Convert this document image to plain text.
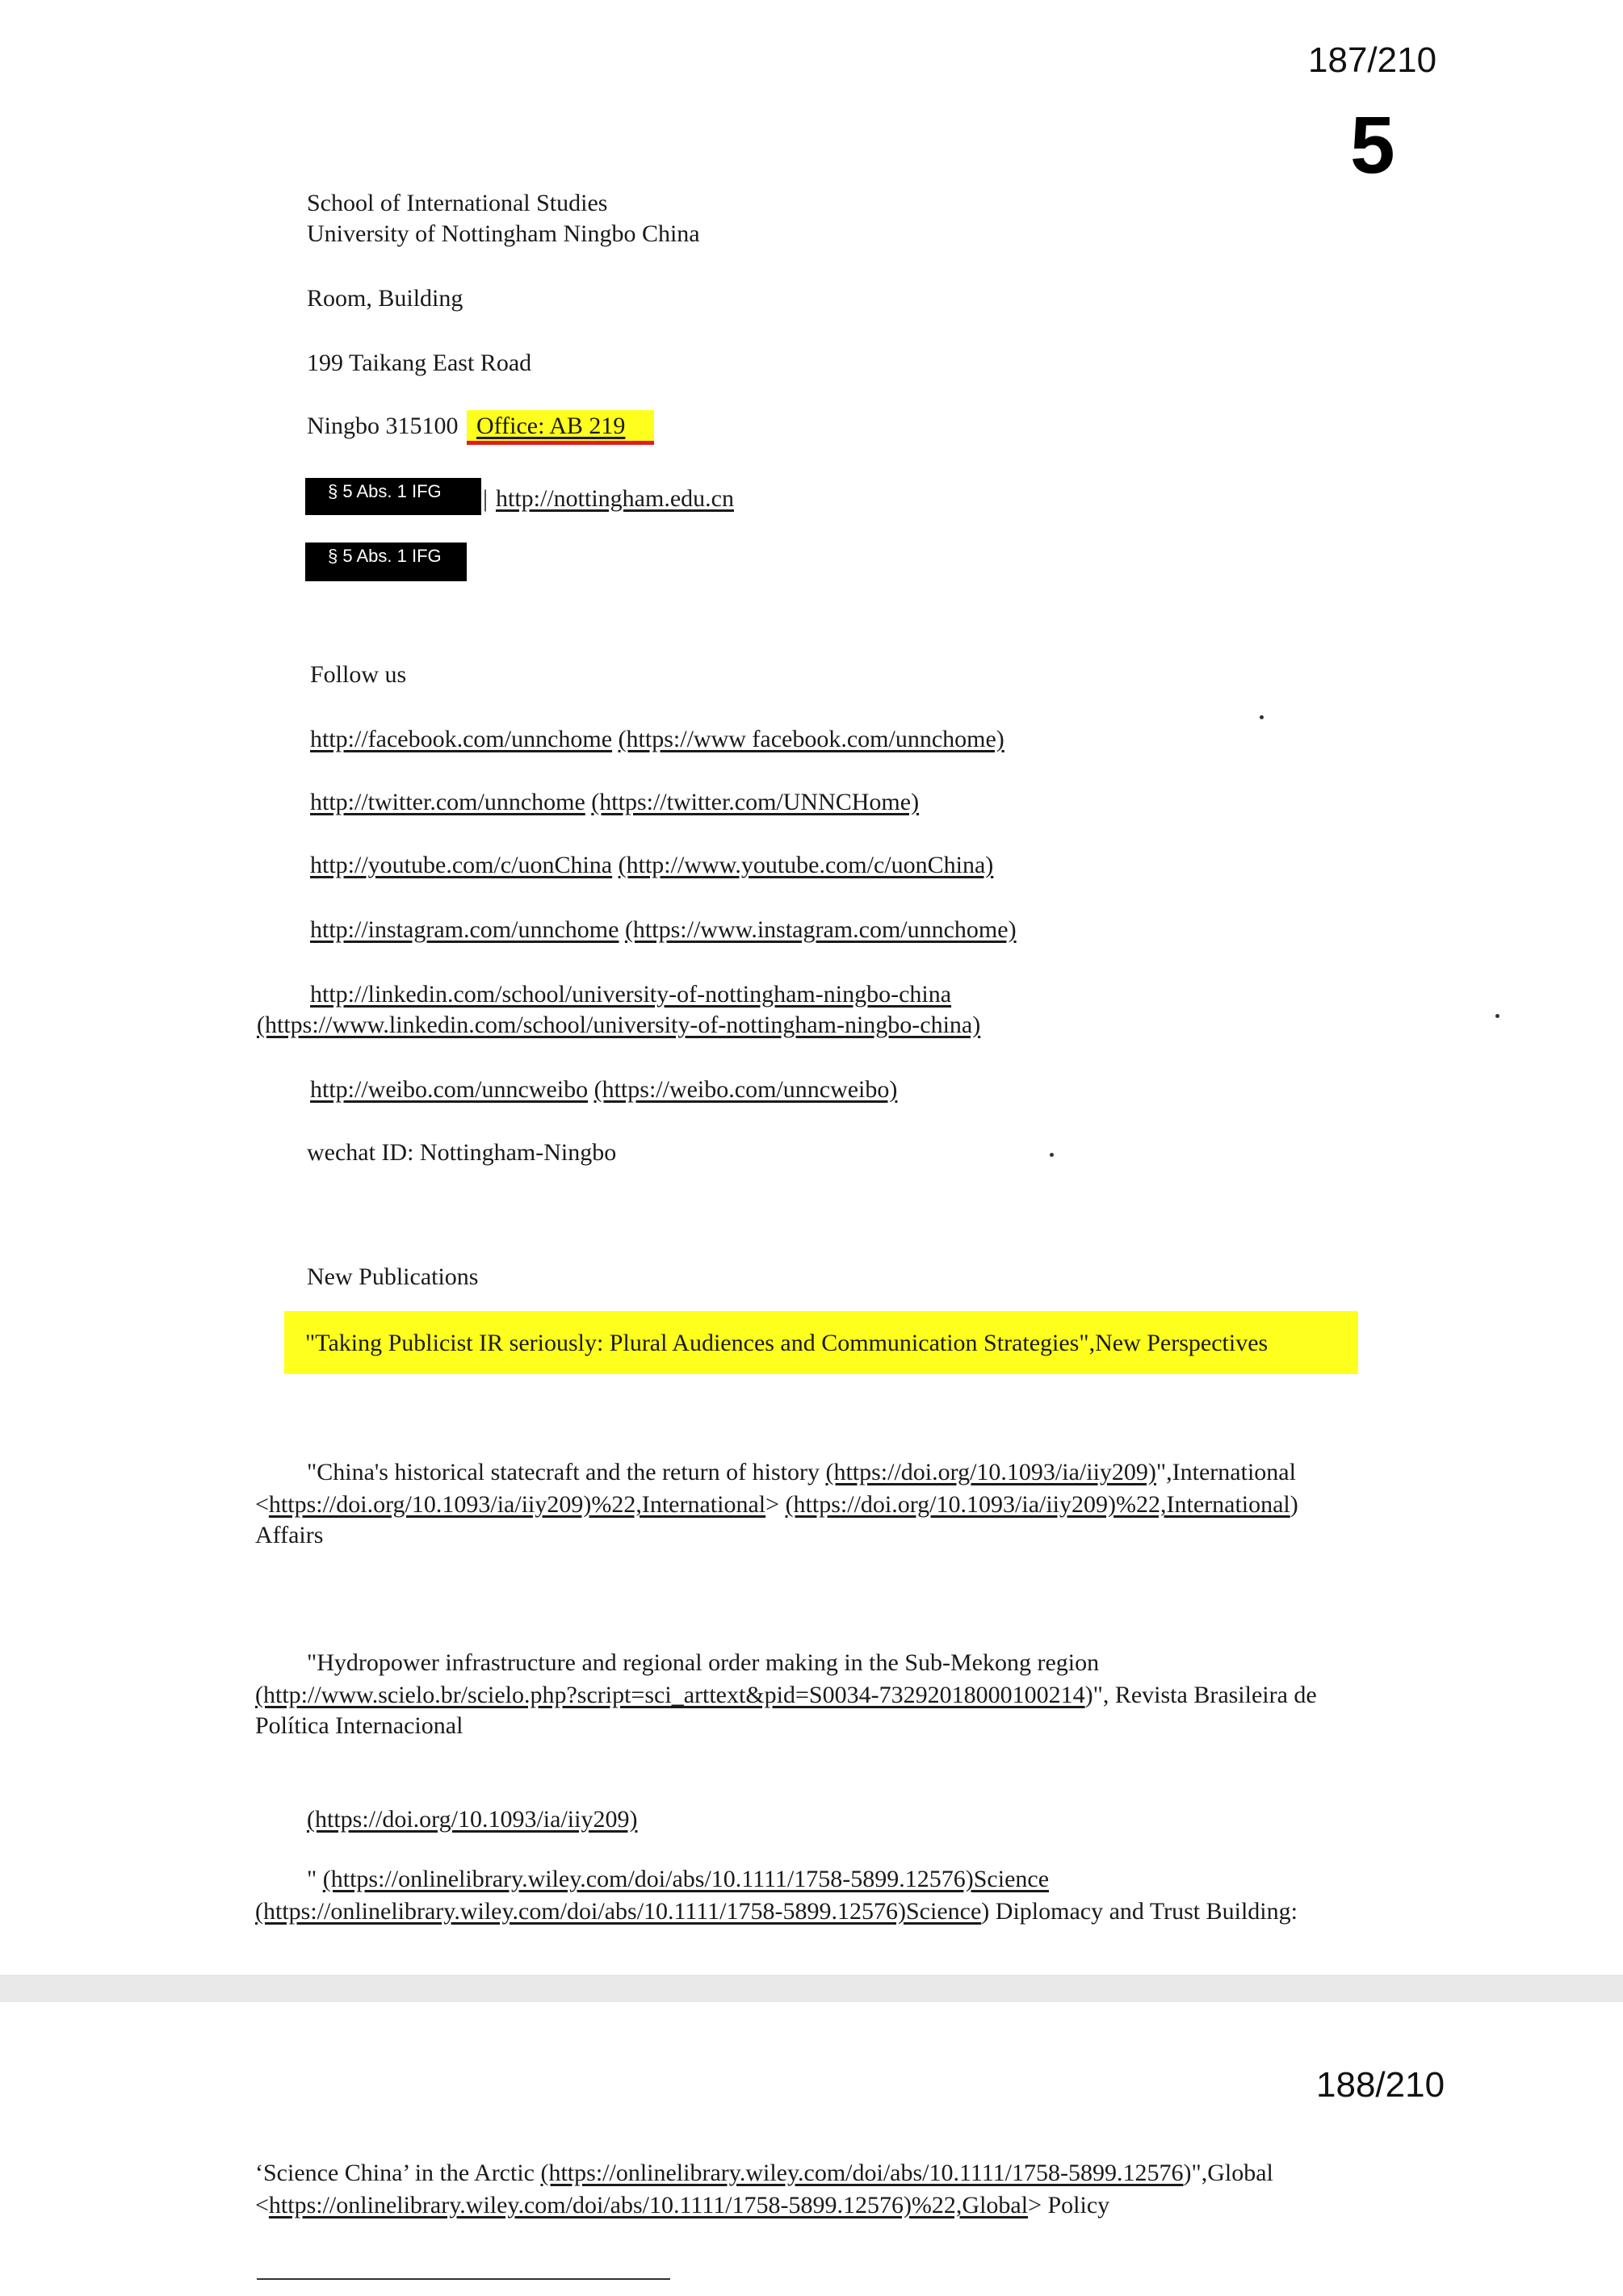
187/210
5
School of International Studies
University of Nottingham Ningbo China
Room, Building
199 Taikang East Road
Ningbo 315100 Office: AB 219
§ 5 Abs. 1 IFG	| http://nottingham.edu.cn
§ 5 Abs. 1 IFG
Follow us
http://facebook.com/unnchome (https://www facebook.com/unnchome)
http://twitter.com/unnchome (https://twitter.com/UNNCHome)
http://youtube.com/c/uonChina (http://www.youtube.com/c/uonChina)
http://instagram.com/unnchome (https://www.instagram.com/unnchome)
http://linkedin.com/school/university-of-nottingham-ningbo-china
(https://www.linkedin.com/school/university-of-nottingham-ningbo-china)
http://weibo.com/unncweibo (https://weibo.com/unncweibo)
wechat ID: Nottingham-Ningbo
New Publications
"Taking Publicist IR seriously: Plural Audiences and Communication Strategies",New Perspectives
"China's historical statecraft and the return of history (https://doi.org/10.1093/ia/iiy209)",International
<https://doi.org/10.1093/ia/iiy209)%22,International> (https://doi.org/10.1093/ia/iiy209)%22,International)
Affairs
"Hydropower infrastructure and regional order making in the Sub-Mekong region
(http://www.scielo.br/scielo.php?script=sci_arttext&pid=S0034-73292018000100214)", Revista Brasileira de
Política Internacional
(https://doi.org/10.1093/ia/iiy209)
" (https://onlinelibrary.wiley.com/doi/abs/10.1111/1758-5899.12576)Science
(https://onlinelibrary.wiley.com/doi/abs/10.1111/1758-5899.12576)Science) Diplomacy and Trust Building:
188/210
‘Science China’ in the Arctic (https://onlinelibrary.wiley.com/doi/abs/10.1111/1758-5899.12576)",Global
<https://onlinelibrary.wiley.com/doi/abs/10.1111/1758-5899.12576)%22,Global> Policy
